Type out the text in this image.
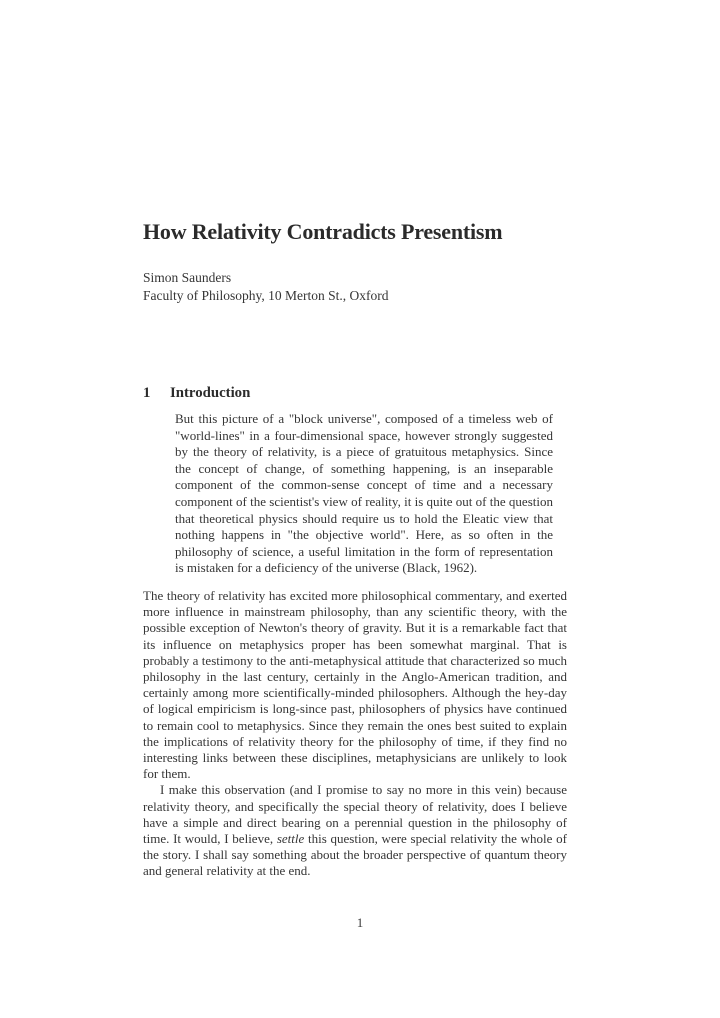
How Relativity Contradicts Presentism
Simon Saunders
Faculty of Philosophy, 10 Merton St., Oxford
1 Introduction
But this picture of a "block universe", composed of a timeless web of "world-lines" in a four-dimensional space, however strongly suggested by the theory of relativity, is a piece of gratuitous metaphysics. Since the concept of change, of something happening, is an inseparable component of the common-sense concept of time and a necessary component of the scientist's view of reality, it is quite out of the question that theoretical physics should require us to hold the Eleatic view that nothing happens in "the objective world". Here, as so often in the philosophy of science, a useful limitation in the form of representation is mistaken for a deficiency of the universe (Black, 1962).

The theory of relativity has excited more philosophical commentary, and exerted more influence in mainstream philosophy, than any scientific theory, with the possible exception of Newton's theory of gravity. But it is a remarkable fact that its influence on metaphysics proper has been somewhat marginal. That is probably a testimony to the anti-metaphysical attitude that characterized so much philosophy in the last century, certainly in the Anglo-American tradition, and certainly among more scientifically-minded philosophers. Although the hey-day of logical empiricism is long-since past, philosophers of physics have continued to remain cool to metaphysics. Since they remain the ones best suited to explain the implications of relativity theory for the philosophy of time, if they find no interesting links between these disciplines, metaphysicians are unlikely to look for them.

I make this observation (and I promise to say no more in this vein) because relativity theory, and specifically the special theory of relativity, does I believe have a simple and direct bearing on a perennial question in the philosophy of time. It would, I believe, settle this question, were special relativity the whole of the story. I shall say something about the broader perspective of quantum theory and general relativity at the end.

1
